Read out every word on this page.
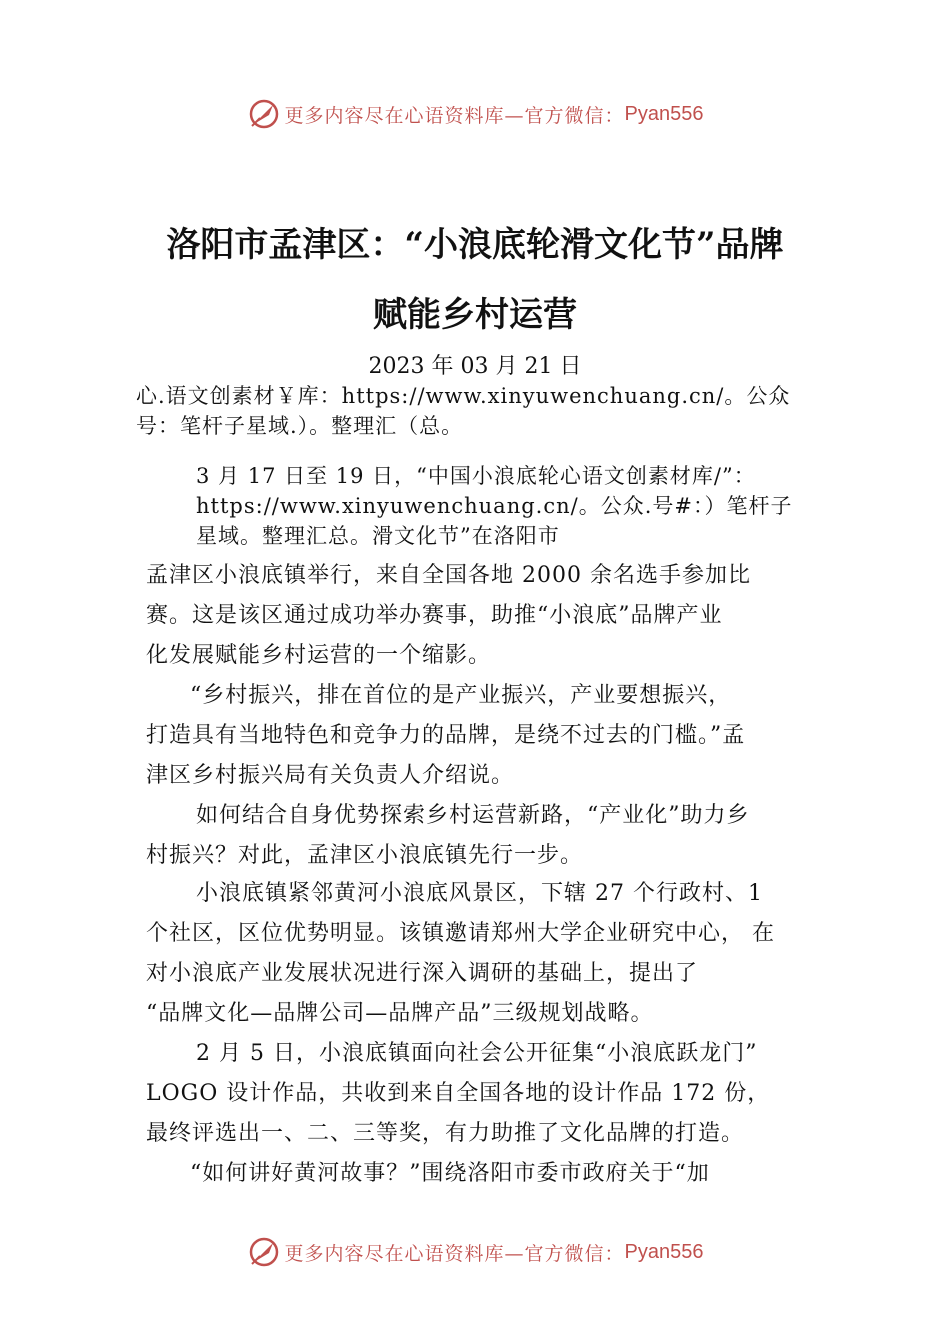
更多内容尽在心语资料库—官方微信： Pyan556
洛阳市孟津区：“小浪底轮滑文化节”品牌
赋能乡村运营
2023 年 03 月 21 日
心.语文创素材￥库：https://www.xinyuwenchuang.cn/。公众
号：笔杆子星域.）。整理汇（总。
3 月 17 日至 19 日，“中国小浪底轮心语文创素材库/”：
https://www.xinyuwenchuang.cn/。公众.号#：）笔杆子
星域。整理汇总。滑文化节”在洛阳市
孟津区小浪底镇举行，来自全国各地 2000 余名选手参加比
赛。这是该区通过成功举办赛事，助推“小浪底”品牌产业
化发展赋能乡村运营的一个缩影。
“乡村振兴，排在首位的是产业振兴，产业要想振兴，
打造具有当地特色和竞争力的品牌，是绕不过去的门槛。”孟
津区乡村振兴局有关负责人介绍说。
如何结合自身优势探索乡村运营新路，“产业化”助力乡
村振兴？对此，孟津区小浪底镇先行一步。
小浪底镇紧邻黄河小浪底风景区，下辖 27 个行政村、1
个社区，区位优势明显。该镇邀请郑州大学企业研究中心， 在
对小浪底产业发展状况进行深入调研的基础上，提出了
“品牌文化—品牌公司—品牌产品”三级规划战略。
2 月 5 日，小浪底镇面向社会公开征集“小浪底跃龙门”
LOGO 设计作品，共收到来自全国各地的设计作品 172 份，
最终评选出一、二、三等奖，有力助推了文化品牌的打造。
“如何讲好黄河故事？”围绕洛阳市委市政府关于“加
更多内容尽在心语资料库—官方微信： Pyan556
